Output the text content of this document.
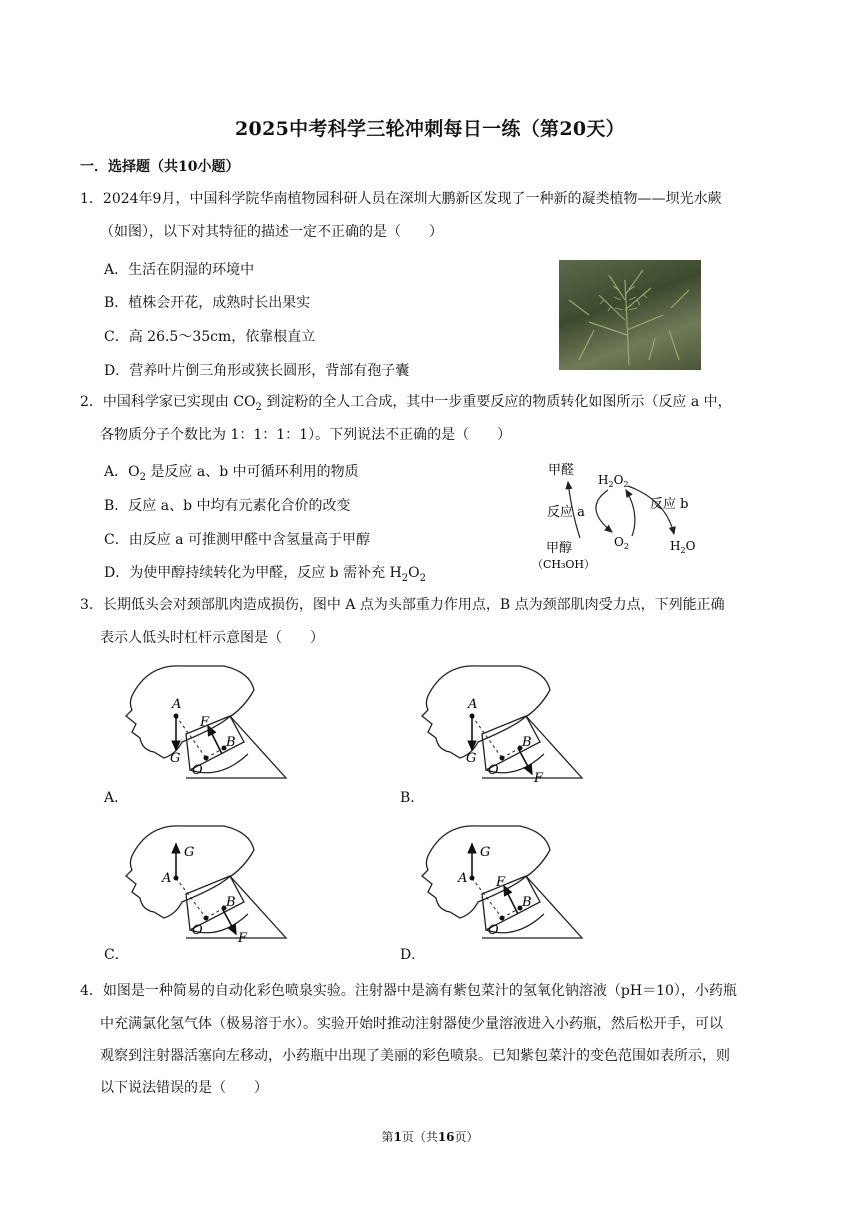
2025中考科学三轮冲刺每日一练（第20天）
一．选择题（共10小题）
1．2024年9月，中国科学院华南植物园科研人员在深圳大鹏新区发现了一种新的凝类植物——坝光水蕨
（如图），以下对其特征的描述一定不正确的是（　　）
A．生活在阴湿的环境中
B．植株会开花，成熟时长出果实
C．高 26.5～35cm，依靠根直立
D．营养叶片倒三角形或狭长圆形，背部有孢子囊
2．中国科学家已实现由 $CO_2$ 到淀粉的全人工合成，其中一步重要反应的物质转化如图所示（反应 a 中，
各物质分子个数比为 1：1：1：1）。下列说法不正确的是（　　）
A．$O_2$ 是反应 a、b 中可循环利用的物质
B．反应 a、b 中均有元素化合价的改变
C．由反应 a 可推测甲醛中含氢量高于甲醇
D．为使甲醇持续转化为甲醛，反应 b 需补充 $H_2O_2$
甲醛
$H_2O_2$
反应 a
反应 b
甲醇
（CH₃OH）
$O_2$	$H_2O$
3．长期低头会对颈部肌肉造成损伤，图中 A 点为头部重力作用点，B 点为颈部肌肉受力点，下列能正确
表示人低头时杠杆示意图是（　　）
A
G
F
O
B
A
G
F
O
B
A
G
F
O
B
A
G
F
O
B
A．	B．
C．	D．
4．如图是一种简易的自动化彩色喷泉实验。注射器中是滴有紫包菜汁的氢氧化钠溶液（pH＝10），小药瓶
中充满氯化氢气体（极易溶于水）。实验开始时推动注射器使少量溶液进入小药瓶，然后松开手，可以
观察到注射器活塞向左移动，小药瓶中出现了美丽的彩色喷泉。已知紫包菜汁的变色范围如表所示，则
以下说法错误的是（　　）
第1页（共16页）
